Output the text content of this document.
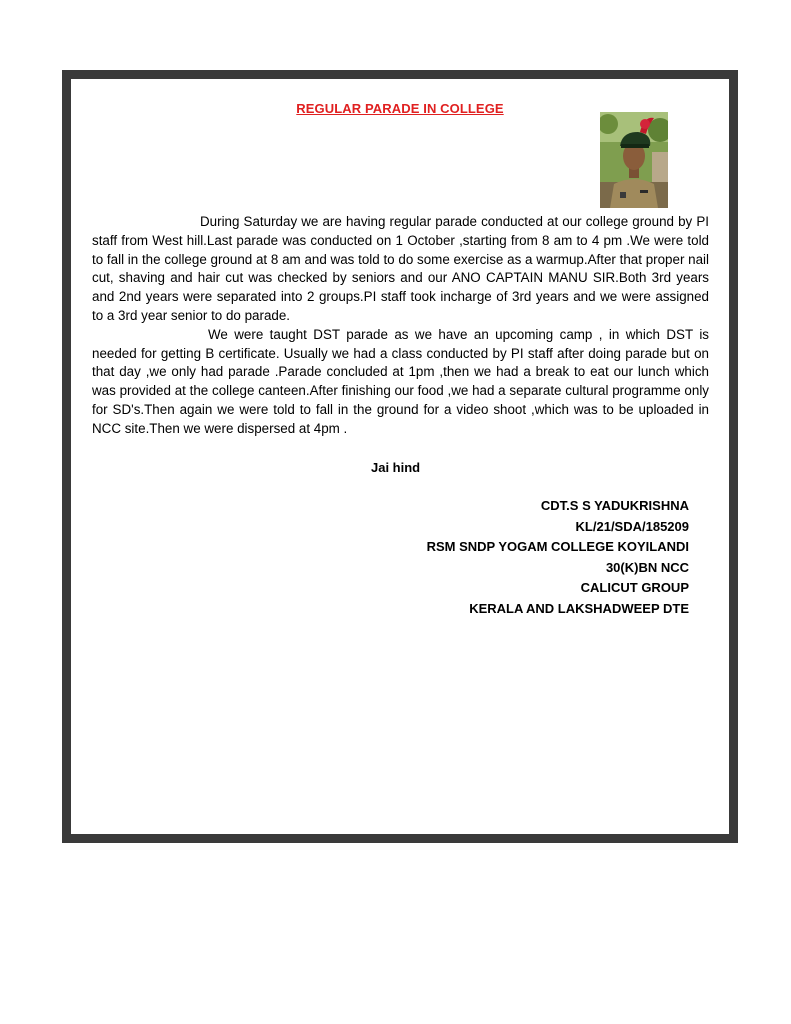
REGULAR PARADE IN COLLEGE

During Saturday we are having regular parade conducted at our college ground by PI staff from West hill.Last parade was conducted on 1 October ,starting from 8 am to 4 pm .We were told to fall in the college ground at 8 am and was told to do some exercise as a warmup.After that proper nail cut, shaving and hair cut was checked by seniors and our ANO CAPTAIN MANU SIR.Both 3rd years and 2nd years were separated into 2 groups.PI staff took incharge of 3rd years and we were assigned to a 3rd year senior to do parade.

We were taught DST parade as we have an upcoming camp , in which DST is needed for getting B certificate. Usually we had a class conducted by PI staff after doing parade but on that day ,we only had parade .Parade concluded at 1pm ,then we had a break to eat our lunch which was provided at the college canteen.After finishing our food ,we had a separate cultural programme only for SD's.Then again we were told to fall in the ground for a video shoot ,which was to be uploaded in NCC site.Then we were dispersed at 4pm .

Jai hind
CDT.S S YADUKRISHNA
KL/21/SDA/185209
RSM SNDP YOGAM COLLEGE KOYILANDI
30(K)BN NCC
CALICUT GROUP
KERALA AND LAKSHADWEEP DTE
